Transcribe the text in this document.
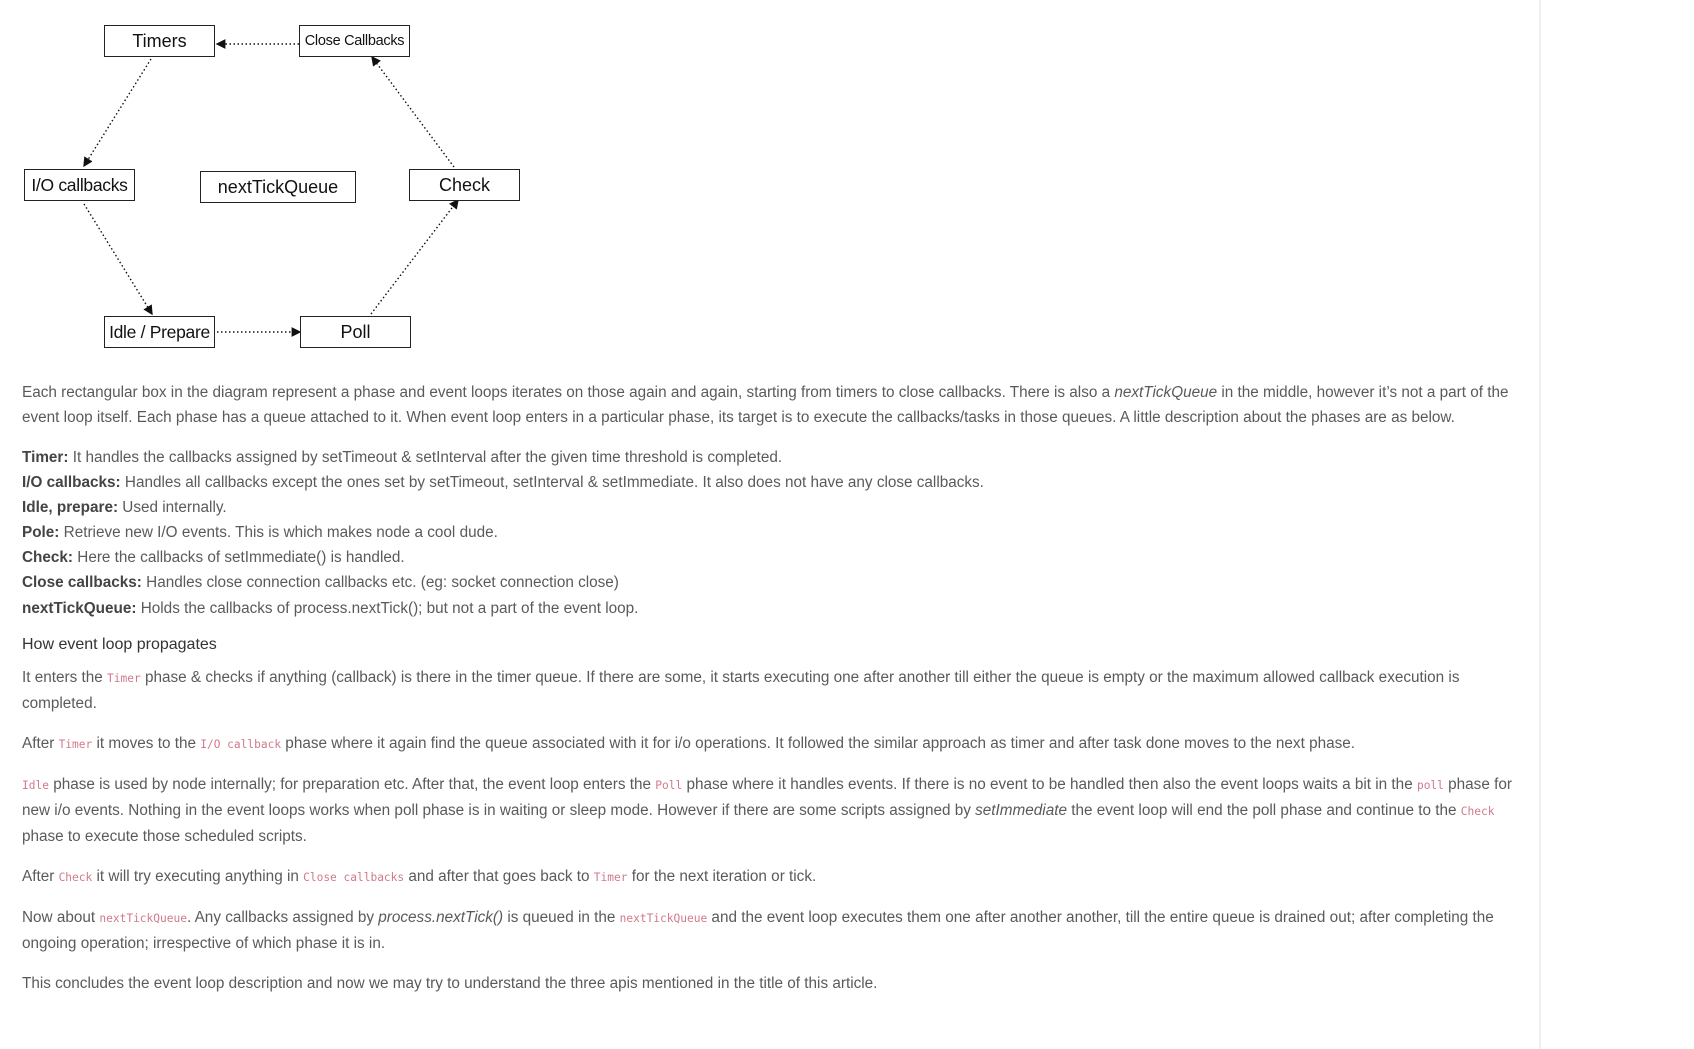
Timers	Close Callbacks
I/O callbacks	nextTickQueue	Check
Idle / Prepare	Poll

Each rectangular box in the diagram represent a phase and event loops iterates on those again and again, starting from timers to close callbacks. There is also a nextTickQueue in the middle, however it’s not a part of the event loop itself. Each phase has a queue attached to it. When event loop enters in a particular phase, its target is to execute the callbacks/tasks in those queues. A little description about the phases are as below.

Timer: It handles the callbacks assigned by setTimeout & setInterval after the given time threshold is completed.
I/O callbacks: Handles all callbacks except the ones set by setTimeout, setInterval & setImmediate. It also does not have any close callbacks.
Idle, prepare: Used internally.
Pole: Retrieve new I/O events. This is which makes node a cool dude.
Check: Here the callbacks of setImmediate() is handled.
Close callbacks: Handles close connection callbacks etc. (eg: socket connection close)
nextTickQueue: Holds the callbacks of process.nextTick(); but not a part of the event loop.

How event loop propagates

It enters the Timer phase & checks if anything (callback) is there in the timer queue. If there are some, it starts executing one after another till either the queue is empty or the maximum allowed callback execution is completed.

After Timer it moves to the I/O callback phase where it again find the queue associated with it for i/o operations. It followed the similar approach as timer and after task done moves to the next phase.

Idle phase is used by node internally; for preparation etc. After that, the event loop enters the Poll phase where it handles events. If there is no event to be handled then also the event loops waits a bit in the poll phase for new i/o events. Nothing in the event loops works when poll phase is in waiting or sleep mode. However if there are some scripts assigned by setImmediate the event loop will end the poll phase and continue to the Check phase to execute those scheduled scripts.

After Check it will try executing anything in Close callbacks and after that goes back to Timer for the next iteration or tick.

Now about nextTickQueue. Any callbacks assigned by process.nextTick() is queued in the nextTickQueue and the event loop executes them one after another another, till the entire queue is drained out; after completing the ongoing operation; irrespective of which phase it is in.

This concludes the event loop description and now we may try to understand the three apis mentioned in the title of this article.
